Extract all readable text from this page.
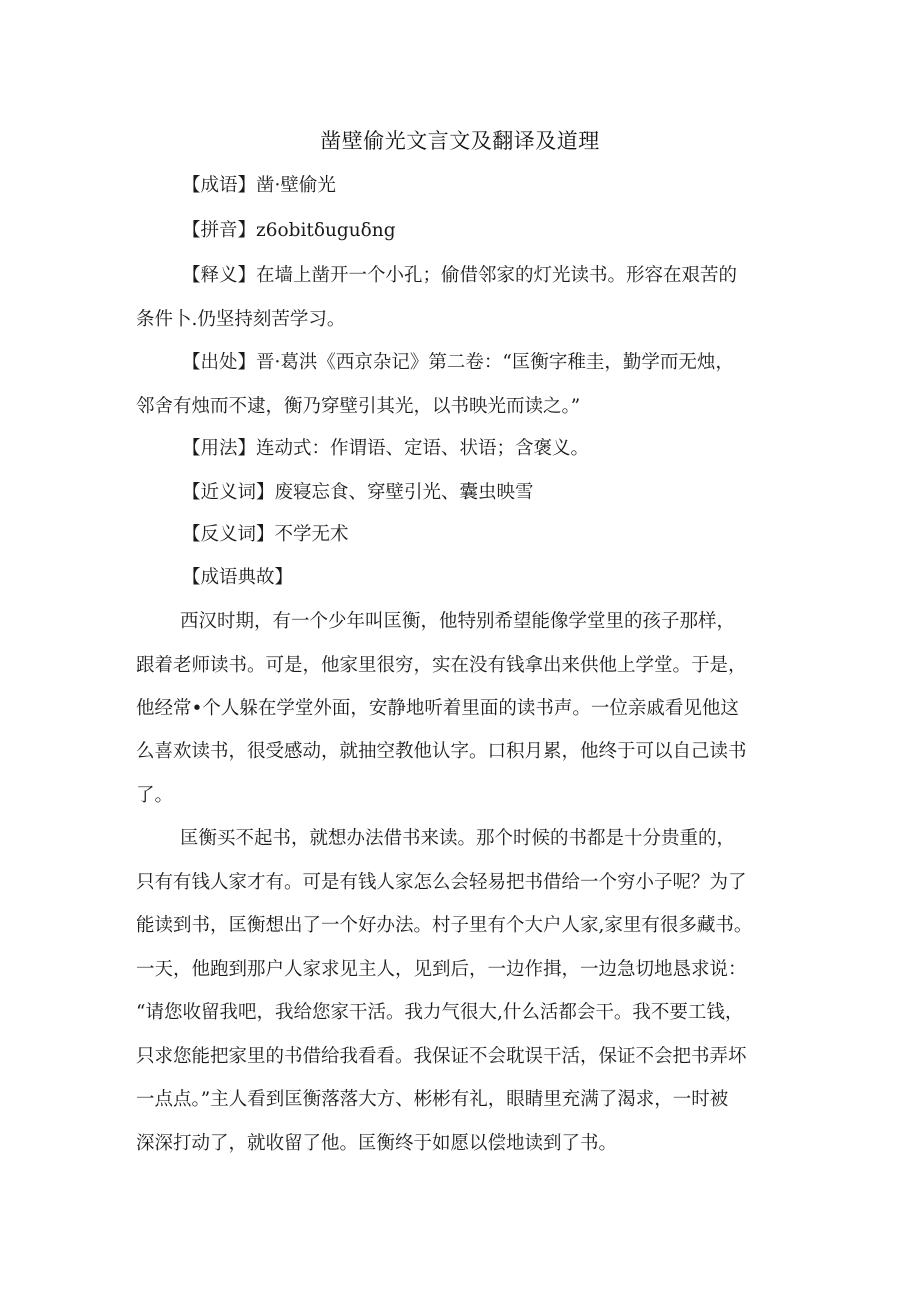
凿壁偷光文言文及翻译及道理
【成语】凿·壁偷光
【拼音】z6obitδuguδng
【释义】在墙上凿开一个小孔；偷借邻家的灯光读书。形容在艰苦的
条件卜.仍坚持刻苦学习。
【出处】晋·葛洪《西京杂记》第二卷：“匡衡字稚圭，勤学而无烛，
邻舍有烛而不逮，衡乃穿壁引其光，以书映光而读之。”
【用法】连动式：作谓语、定语、状语；含褒义。
【近义词】废寝忘食、穿壁引光、囊虫映雪
【反义词】不学无术
【成语典故】
西汉时期，有一个少年叫匡衡，他特别希望能像学堂里的孩子那样，
跟着老师读书。可是，他家里很穷，实在没有钱拿出来供他上学堂。于是，
他经常•个人躲在学堂外面，安静地听着里面的读书声。一位亲戚看见他这
么喜欢读书，很受感动，就抽空教他认字。口积月累，他终于可以自己读书
了。
匡衡买不起书，就想办法借书来读。那个时候的书都是十分贵重的，
只有有钱人家才有。可是有钱人家怎么会轻易把书借给一个穷小子呢？为了
能读到书，匡衡想出了一个好办法。村子里有个大户人家,家里有很多藏书。
一天，他跑到那户人家求见主人，见到后，一边作揖，一边急切地恳求说：
“请您收留我吧，我给您家干活。我力气很大,什么活都会干。我不要工钱，
只求您能把家里的书借给我看看。我保证不会耽误干活，保证不会把书弄坏
一点点。”主人看到匡衡落落大方、彬彬有礼，眼睛里充满了渴求，一时被
深深打动了，就收留了他。匡衡终于如愿以偿地读到了书。
